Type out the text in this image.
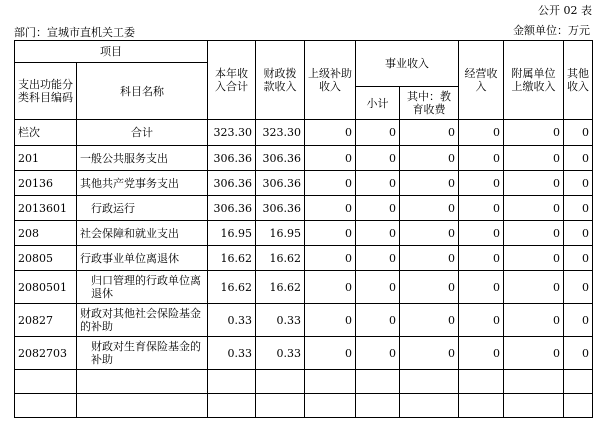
公开 02 表
部门：宣城市直机关工委	金额单位：万元
项目		本年收入合计	财政拨款收入	上级补助收入	事业收入		经营收入	附属单位上缴收入	其他收入
支出功能分类科目编码	科目名称								
					小计	其中：教育收费			
栏次	合计	323.30	323.30	0	0	0	0	0	0
201	一般公共服务支出	306.36	306.36	0	0	0	0	0	0
20136	其他共产党事务支出	306.36	306.36	0	0	0	0	0	0
2013601	行政运行	306.36	306.36	0	0	0	0	0	0
208	社会保障和就业支出	16.95	16.95	0	0	0	0	0	0
20805	行政事业单位离退休	16.62	16.62	0	0	0	0	0	0
2080501	归口管理的行政单位离退休	16.62	16.62	0	0	0	0	0	0
20827	财政对其他社会保险基金的补助	0.33	0.33	0	0	0	0	0	0
2082703	财政对生育保险基金的补助	0.33	0.33	0	0	0	0	0	0
